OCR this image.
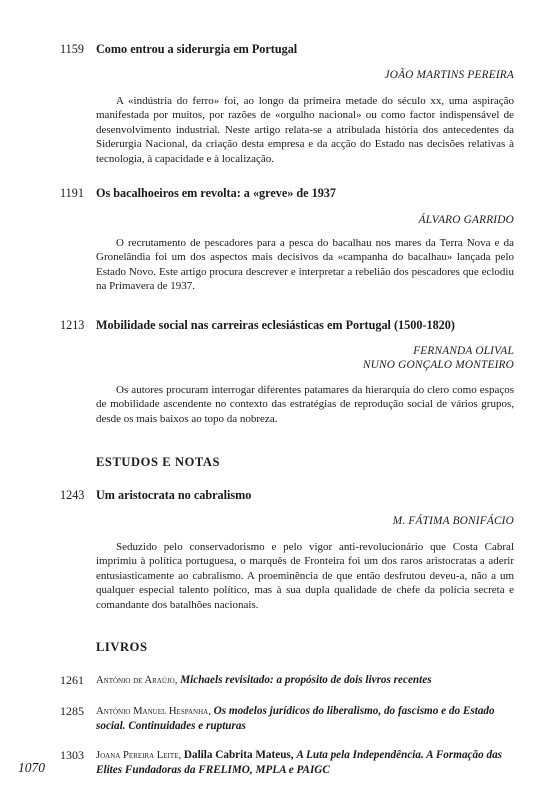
1159 Como entrou a siderurgia em Portugal
JOÃO MARTINS PEREIRA
A «indústria do ferro» foi, ao longo da primeira metade do século xx, uma aspiração manifestada por muitos, por razões de «orgulho nacional» ou como factor indispensável de desenvolvimento industrial. Neste artigo relata-se a atribulada história dos antecedentes da Siderurgia Nacional, da criação desta empresa e da acção do Estado nas decisões relativas à tecnologia, à capacidade e à localização.
1191 Os bacalhoeiros em revolta: a «greve» de 1937
ÁLVARO GARRIDO
O recrutamento de pescadores para a pesca do bacalhau nos mares da Terra Nova e da Gronelândia foi um dos aspectos mais decisivos da «campanha do bacalhau» lançada pelo Estado Novo. Este artigo procura descrever e interpretar a rebelião dos pescadores que eclodiu na Primavera de 1937.
1213 Mobilidade social nas carreiras eclesiásticas em Portugal (1500-1820)
FERNANDA OLIVAL
NUNO GONÇALO MONTEIRO
Os autores procuram interrogar diferentes patamares da hierarquia do clero como espaços de mobilidade ascendente no contexto das estratégias de reprodução social de vários grupos, desde os mais baixos ao topo da nobreza.
ESTUDOS E NOTAS
1243 Um aristocrata no cabralismo
M. FÁTIMA BONIFÁCIO
Seduzido pelo conservadorismo e pelo vigor anti-revolucionário que Costa Cabral imprimiu à política portuguesa, o marquês de Fronteira foi um dos raros aristocratas a aderir entusiasticamente ao cabralismo. A proeminência de que então desfrutou deveu-a, não a um qualquer especial talento político, mas à sua dupla qualidade de chefe da polícia secreta e comandante dos batalhões nacionais.
LIVROS
1261 António de Araújo, Michaels revisitado: a propósito de dois livros recentes
1285 António Manuel Hespanha, Os modelos jurídicos do liberalismo, do fascismo e do Estado social. Continuidades e rupturas
1303 Joana Pereira Leite, Dalila Cabrita Mateus, A Luta pela Independência. A Formação das Elites Fundadoras da FRELIMO, MPLA e PAIGC
1070
